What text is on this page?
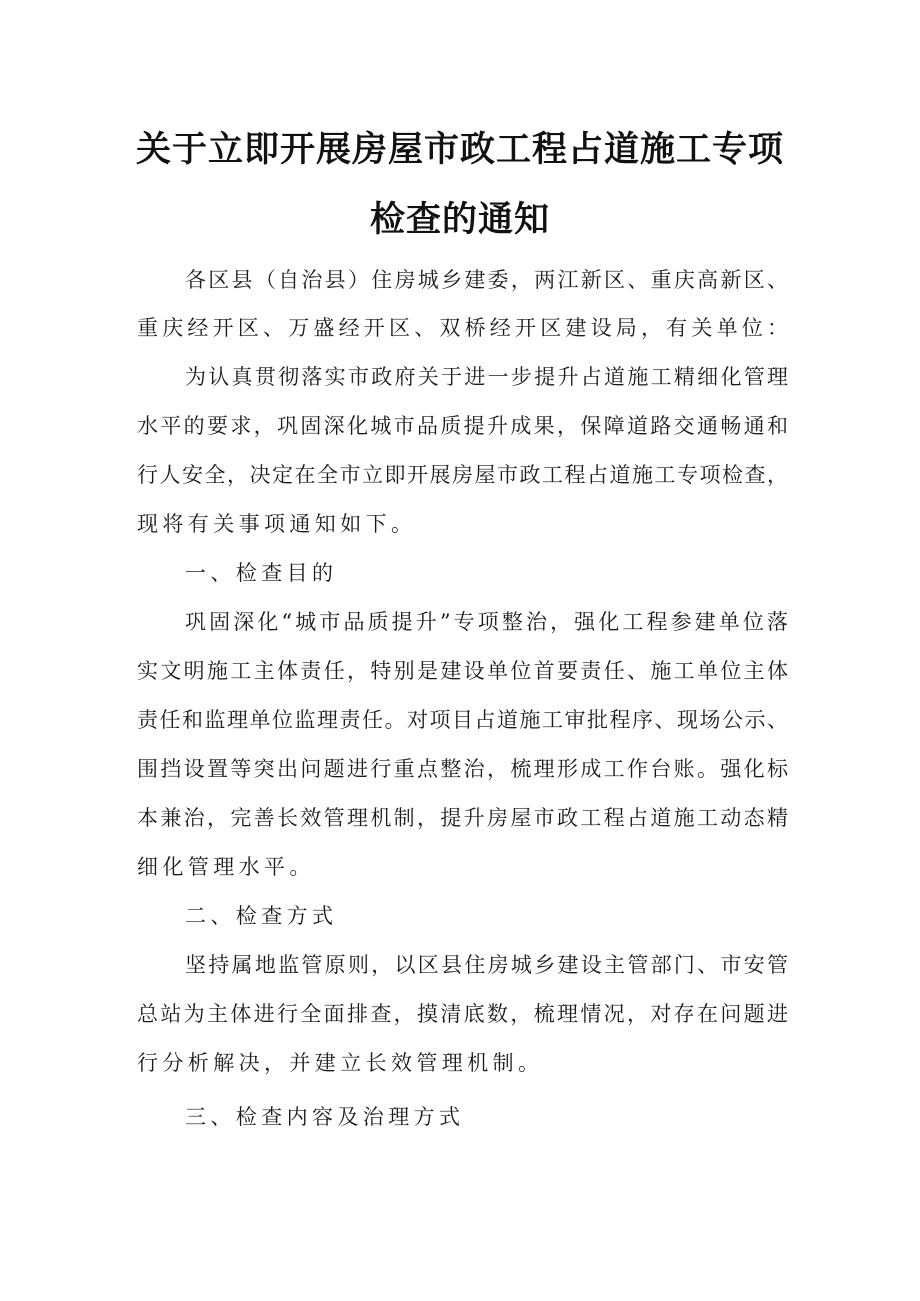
关于立即开展房屋市政工程占道施工专项
检查的通知
各区县（自治县）住房城乡建委，两江新区、重庆高新区、
重庆经开区、万盛经开区、双桥经开区建设局，有关单位：
为认真贯彻落实市政府关于进一步提升占道施工精细化管理
水平的要求，巩固深化城市品质提升成果，保障道路交通畅通和
行人安全，决定在全市立即开展房屋市政工程占道施工专项检查，
现将有关事项通知如下。
一、检查目的
巩固深化“城市品质提升”专项整治，强化工程参建单位落
实文明施工主体责任，特别是建设单位首要责任、施工单位主体
责任和监理单位监理责任。对项目占道施工审批程序、现场公示、
围挡设置等突出问题进行重点整治，梳理形成工作台账。强化标
本兼治，完善长效管理机制，提升房屋市政工程占道施工动态精
细化管理水平。
二、检查方式
坚持属地监管原则，以区县住房城乡建设主管部门、市安管
总站为主体进行全面排查，摸清底数，梳理情况，对存在问题进
行分析解决，并建立长效管理机制。
三、检查内容及治理方式
